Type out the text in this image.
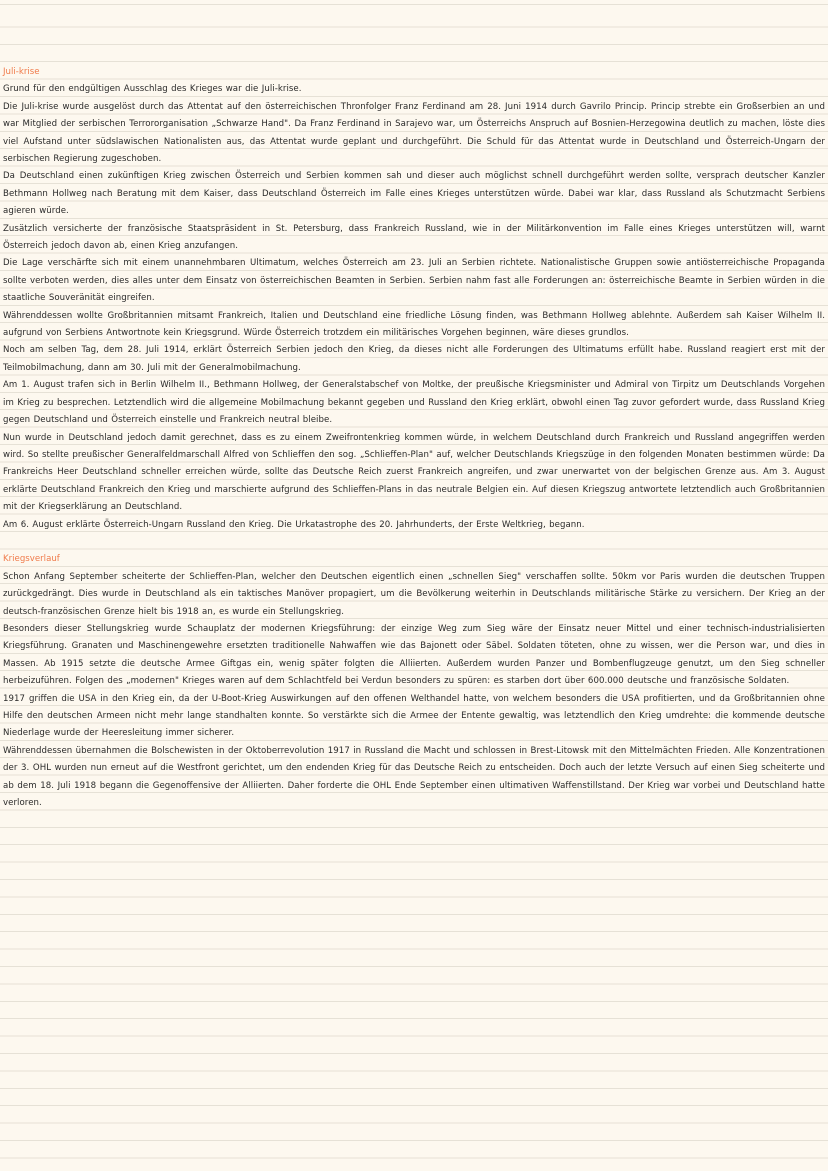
Juli-krise
Grund für den endgültigen Ausschlag des Krieges war die Juli-krise.
Die Juli-krise wurde ausgelöst durch das Attentat auf den österreichischen Thronfolger Franz Ferdinand am 28. Juni 1914 durch Gavrilo Princip. Princip strebte ein Großserbien an und war Mitglied der serbischen Terrororganisation „Schwarze Hand". Da Franz Ferdinand in Sarajevo war, um Österreichs Anspruch auf Bosnien-Herzegowina deutlich zu machen, löste dies viel Aufstand unter südslawischen Nationalisten aus, das Attentat wurde geplant und durchgeführt. Die Schuld für das Attentat wurde in Deutschland und Österreich-Ungarn der serbischen Regierung zugeschoben.
Da Deutschland einen zukünftigen Krieg zwischen Österreich und Serbien kommen sah und dieser auch möglichst schnell durchgeführt werden sollte, versprach deutscher Kanzler Bethmann Hollweg nach Beratung mit dem Kaiser, dass Deutschland Österreich im Falle eines Krieges unterstützen würde. Dabei war klar, dass Russland als Schutzmacht Serbiens agieren würde.
Zusätzlich versicherte der französische Staatspräsident in St. Petersburg, dass Frankreich Russland, wie in der Militärkonvention im Falle eines Krieges unterstützen will, warnt Österreich jedoch davon ab, einen Krieg anzufangen.
Die Lage verschärfte sich mit einem unannehmbaren Ultimatum, welches Österreich am 23. Juli an Serbien richtete. Nationalistische Gruppen sowie antiösterreichische Propaganda sollte verboten werden, dies alles unter dem Einsatz von österreichischen Beamten in Serbien. Serbien nahm fast alle Forderungen an: österreichische Beamte in Serbien würden in die staatliche Souveränität eingreifen.
Währenddessen wollte Großbritannien mitsamt Frankreich, Italien und Deutschland eine friedliche Lösung finden, was Bethmann Hollweg ablehnte. Außerdem sah Kaiser Wilhelm II. aufgrund von Serbiens Antwortnote kein Kriegsgrund. Würde Österreich trotzdem ein militärisches Vorgehen beginnen, wäre dieses grundlos.
Noch am selben Tag, dem 28. Juli 1914, erklärt Österreich Serbien jedoch den Krieg, da dieses nicht alle Forderungen des Ultimatums erfüllt habe. Russland reagiert erst mit der Teilmobilmachung, dann am 30. Juli mit der Generalmobilmachung.
Am 1. August trafen sich in Berlin Wilhelm II., Bethmann Hollweg, der Generalstabschef von Moltke, der preußische Kriegsminister und Admiral von Tirpitz um Deutschlands Vorgehen im Krieg zu besprechen. Letztendlich wird die allgemeine Mobilmachung bekannt gegeben und Russland den Krieg erklärt, obwohl einen Tag zuvor gefordert wurde, dass Russland Krieg gegen Deutschland und Österreich einstelle und Frankreich neutral bleibe.
Nun wurde in Deutschland jedoch damit gerechnet, dass es zu einem Zweifrontenkrieg kommen würde, in welchem Deutschland durch Frankreich und Russland angegriffen werden wird. So stellte preußischer Generalfeldmarschall Alfred von Schlieffen den sog. „Schlieffen-Plan" auf, welcher Deutschlands Kriegszüge in den folgenden Monaten bestimmen würde: Da Frankreichs Heer Deutschland schneller erreichen würde, sollte das Deutsche Reich zuerst Frankreich angreifen, und zwar unerwartet von der belgischen Grenze aus. Am 3. August erklärte Deutschland Frankreich den Krieg und marschierte aufgrund des Schlieffen-Plans in das neutrale Belgien ein. Auf diesen Kriegszug antwortete letztendlich auch Großbritannien mit der Kriegserklärung an Deutschland.
Am 6. August erklärte Österreich-Ungarn Russland den Krieg. Die Urkatastrophe des 20. Jahrhunderts, der Erste Weltkrieg, begann.
Kriegsverlauf
Schon Anfang September scheiterte der Schlieffen-Plan, welcher den Deutschen eigentlich einen „schnellen Sieg" verschaffen sollte. 50km vor Paris wurden die deutschen Truppen zurückgedrängt. Dies wurde in Deutschland als ein taktisches Manöver propagiert, um die Bevölkerung weiterhin in Deutschlands militärische Stärke zu versichern. Der Krieg an der deutsch-französischen Grenze hielt bis 1918 an, es wurde ein Stellungskrieg.
Besonders dieser Stellungskrieg wurde Schauplatz der modernen Kriegsführung: der einzige Weg zum Sieg wäre der Einsatz neuer Mittel und einer technisch-industrialisierten Kriegsführung. Granaten und Maschinengewehre ersetzten traditionelle Nahwaffen wie das Bajonett oder Säbel. Soldaten töteten, ohne zu wissen, wer die Person war, und dies in Massen. Ab 1915 setzte die deutsche Armee Giftgas ein, wenig später folgten die Alliierten. Außerdem wurden Panzer und Bombenflugzeuge genutzt, um den Sieg schneller herbeizuführen. Folgen des „modernen" Krieges waren auf dem Schlachtfeld bei Verdun besonders zu spüren: es starben dort über 600.000 deutsche und französische Soldaten.
1917 griffen die USA in den Krieg ein, da der U-Boot-Krieg Auswirkungen auf den offenen Welthandel hatte, von welchem besonders die USA profitierten, und da Großbritannien ohne Hilfe den deutschen Armeen nicht mehr lange standhalten konnte. So verstärkte sich die Armee der Entente gewaltig, was letztendlich den Krieg umdrehte: die kommende deutsche Niederlage wurde der Heeresleitung immer sicherer.
Währenddessen übernahmen die Bolschewisten in der Oktoberrevolution 1917 in Russland die Macht und schlossen in Brest-Litowsk mit den Mittelmächten Frieden. Alle Konzentrationen der 3. OHL wurden nun erneut auf die Westfront gerichtet, um den endenden Krieg für das Deutsche Reich zu entscheiden. Doch auch der letzte Versuch auf einen Sieg scheiterte und ab dem 18. Juli 1918 begann die Gegenoffensive der Alliierten. Daher forderte die OHL Ende September einen ultimativen Waffenstillstand. Der Krieg war vorbei und Deutschland hatte verloren.
